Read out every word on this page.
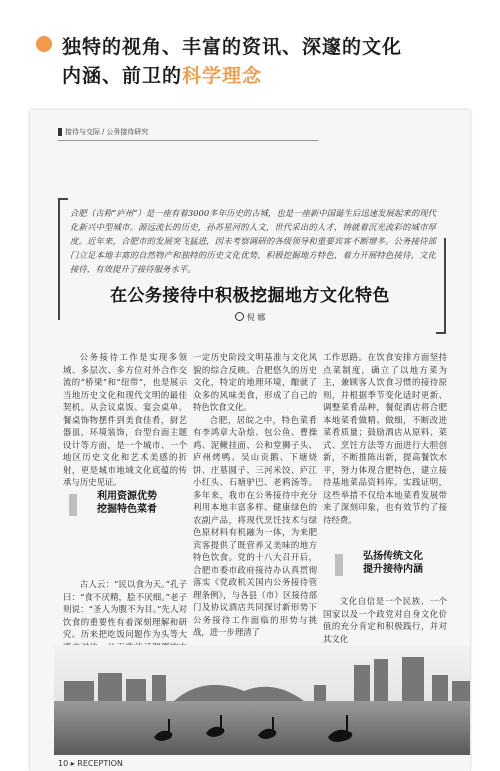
独特的视角、丰富的资讯、深邃的文化
内涵、前卫的科学理念
接待与交际 / 公务接待研究
合肥（古称“庐州”）是一座有着3000多年历史的古城，也是一座新中国诞生后迅速发展起来的现代化新兴中型城市。源远流长的历史，孙苏星河的人文，世代采出的人才，铸就着沉光流彩的城市厚度。近年来，合肥市的发展突飞猛进，因未考察调研的各级领导和重要宾客不断增多。公务接待部门立足本地丰富的自然物产和独特的历史文化优势，积极挖掘地方特色，着力开展特色接待，文化接待，有效提升了接待服务水平。
在公务接待中积极挖掘地方文化特色
倪 娜

公务接待工作是实现多领域、多层次、多方位对外合作交流的“桥梁”和“纽带”，也是展示当地历史文化和现代文明的最佳契机。从会议桌饭、宴会桌单、餐桌饰物摆件到美食佳肴，厨艺器皿，环境装饰，台型台面主题设计等方面，是一个城市、一个地区历史文化和艺术美感的折射，更是城市地域文化底蕴的传承与历史见证。

利用资源优势
挖掘特色菜肴

古人云：“民以食为天。”孔子曰：“食不厌精，脍不厌细。”老子则说：“圣人为腹不为目。”先人对饮食的重要性有着深刻理解和研究。历来把吃饭问题作为头等大

一定历史阶段文明基准与文化风貌的综合反映。合肥悠久的历史文化，特定的地理环境，酿就了众多的风味美食，形成了自己的特色饮食文化。

合肥，居皖之中，特色菜肴有李鸿章大杂烩、包公鱼、曹操鸡、泥鳅挂面、公和堂狮子头、庐州烤鸭、吴山贡鹅、下塘烧饼、庄墓圆子、三河米饺、庐江小红头、石塘驴巴、老鸦汤等。多年来，我市在公务接待中充分利用本地丰富多样、健康绿色的农副产品，将现代烹饪技术与绿色原材料有机融为一体，为来肥宾客提供了既营养又美味的地方特色饮食。党的十八大召开后，合肥市委市政府接待办认真贯彻落实《党政机关国内公务接待管理条例》，与各县（市）区接待部门及协议酒店共同探讨新形势下公务接待工作面临的形势与挑战，进一步理清了

工作思路。在饮食安排方面坚持点菜制度，确立了以地方菜为主，兼顾客人饮食习惯的接待原则，并根据季节变化适时更新、调整菜肴品种，餐促酒店将合肥本地菜肴做精、做细，不断改进菜肴质量；鼓励酒店从原料、菜式、烹饪方法等方面进行大胆创新，不断推陈出新，提高餐饮水平，努力体现合肥特色，建立接待基地菜品资料库。实践证明，这些举措不仅给本地菜肴发展带来了深刻印象，也有效节约了接待经费。

弘扬传统文化
提升接待内涵

文化自信是一个民族、一个国家以及一个政党对自身文化价值的充分肯定和积极践行，并对其文化

10 ▸ RECEPTION
